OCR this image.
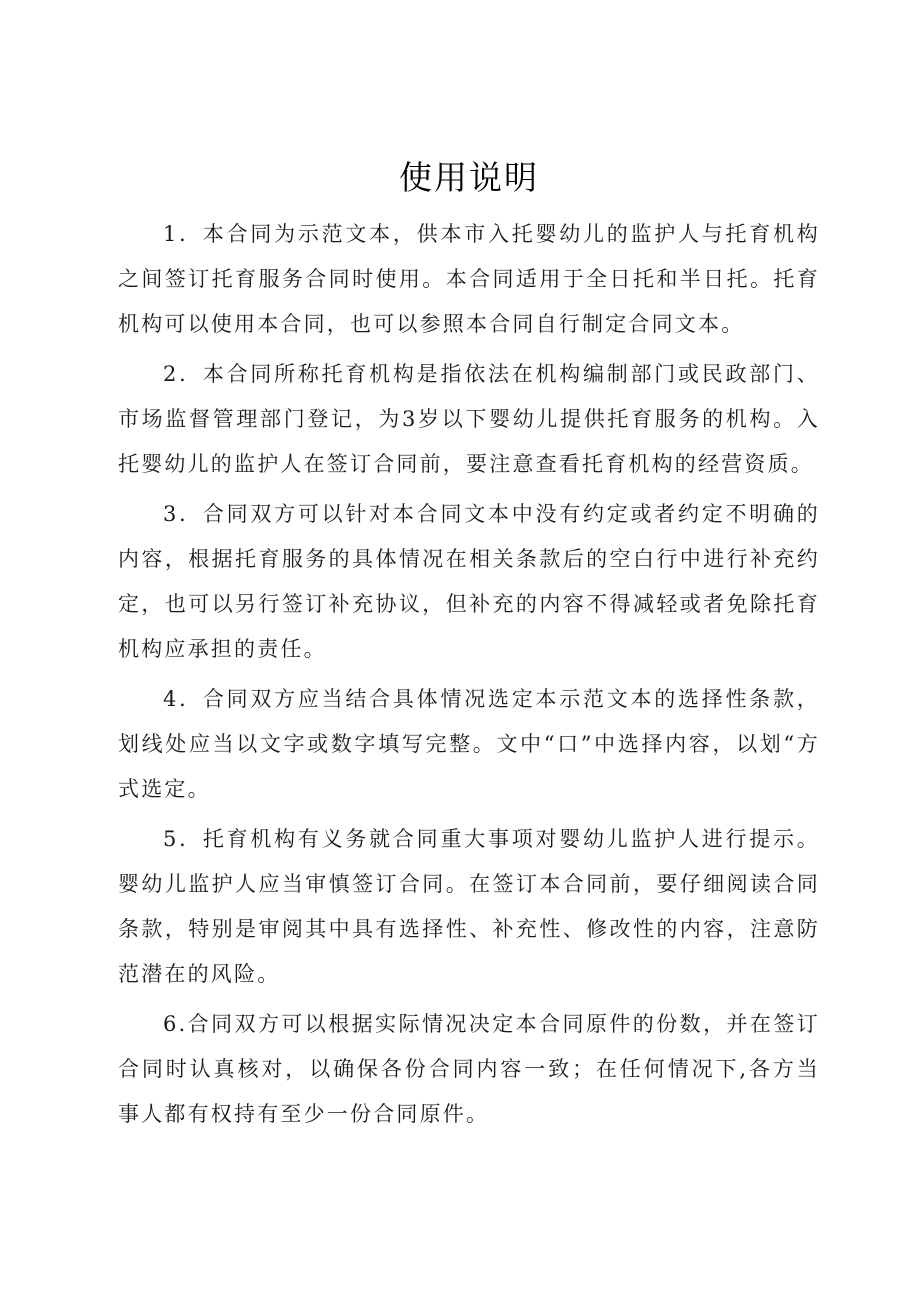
使用说明

1．本合同为示范文本，供本市入托婴幼儿的监护人与托育机构之间签订托育服务合同时使用。本合同适用于全日托和半日托。托育机构可以使用本合同，也可以参照本合同自行制定合同文本。

2．本合同所称托育机构是指依法在机构编制部门或民政部门、市场监督管理部门登记，为3岁以下婴幼儿提供托育服务的机构。入托婴幼儿的监护人在签订合同前，要注意查看托育机构的经营资质。

3．合同双方可以针对本合同文本中没有约定或者约定不明确的内容，根据托育服务的具体情况在相关条款后的空白行中进行补充约定，也可以另行签订补充协议，但补充的内容不得减轻或者免除托育机构应承担的责任。

4．合同双方应当结合具体情况选定本示范文本的选择性条款，划线处应当以文字或数字填写完整。文中“口”中选择内容，以划“方式选定。

5．托育机构有义务就合同重大事项对婴幼儿监护人进行提示。婴幼儿监护人应当审慎签订合同。在签订本合同前，要仔细阅读合同条款，特别是审阅其中具有选择性、补充性、修改性的内容，注意防范潜在的风险。

6.合同双方可以根据实际情况决定本合同原件的份数，并在签订合同时认真核对，以确保各份合同内容一致；在任何情况下,各方当事人都有权持有至少一份合同原件。
